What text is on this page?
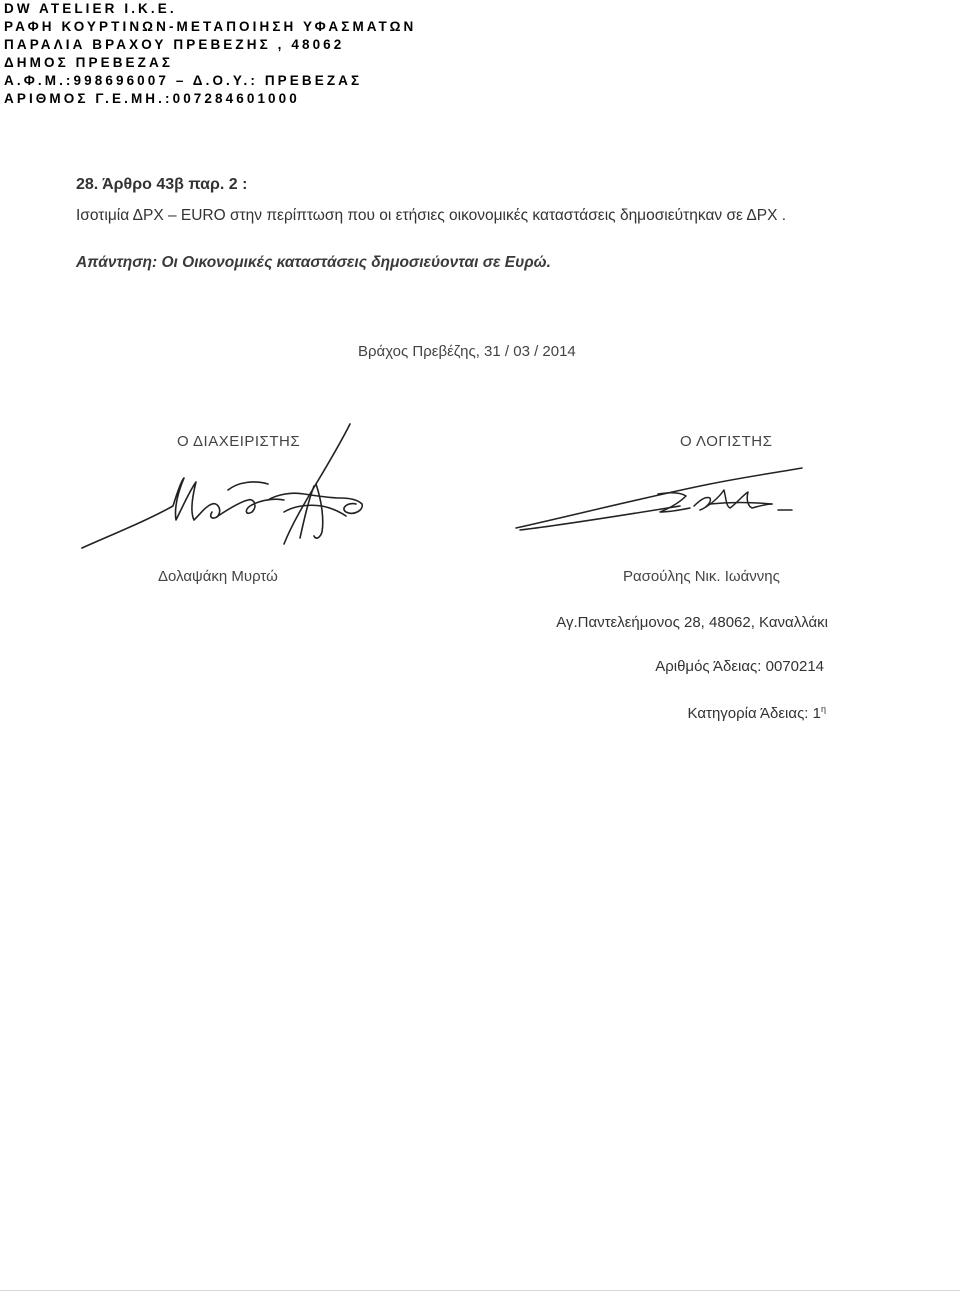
DW ATELIER I.K.E.
ΡΑΦΗ ΚΟΥΡΤΙΝΩΝ-ΜΕΤΑΠΟΙΗΣΗ ΥΦΑΣΜΑΤΩΝ
ΠΑΡΑΛΙΑ ΒΡΑΧΟΥ ΠΡΕΒΕΖΗΣ , 48062
ΔΗΜΟΣ ΠΡΕΒΕΖΑΣ
Α.Φ.Μ.:998696007 – Δ.Ο.Υ.: ΠΡΕΒΕΖΑΣ
ΑΡΙΘΜΟΣ Γ.Ε.ΜΗ.:007284601000
28. Άρθρο 43β παρ. 2 :
Ισοτιμία ΔΡΧ – EURO στην περίπτωση που οι ετήσιες οικονομικές καταστάσεις δημοσιεύτηκαν σε ΔΡΧ .
Απάντηση: Οι Οικονομικές καταστάσεις δημοσιεύονται σε Ευρώ.
Βράχος Πρεβέζης, 31 / 03 / 2014
Ο ΔΙΑΧΕΙΡΙΣΤΗΣ	Ο ΛΟΓΙΣΤΗΣ
Δολαψάκη Μυρτώ	Ρασούλης Νικ. Ιωάννης
Αγ.Παντελεήμονος 28, 48062, Καναλλάκι
Αριθμός Άδειας: 0070214
Κατηγορία Άδειας: $1^\eta$
